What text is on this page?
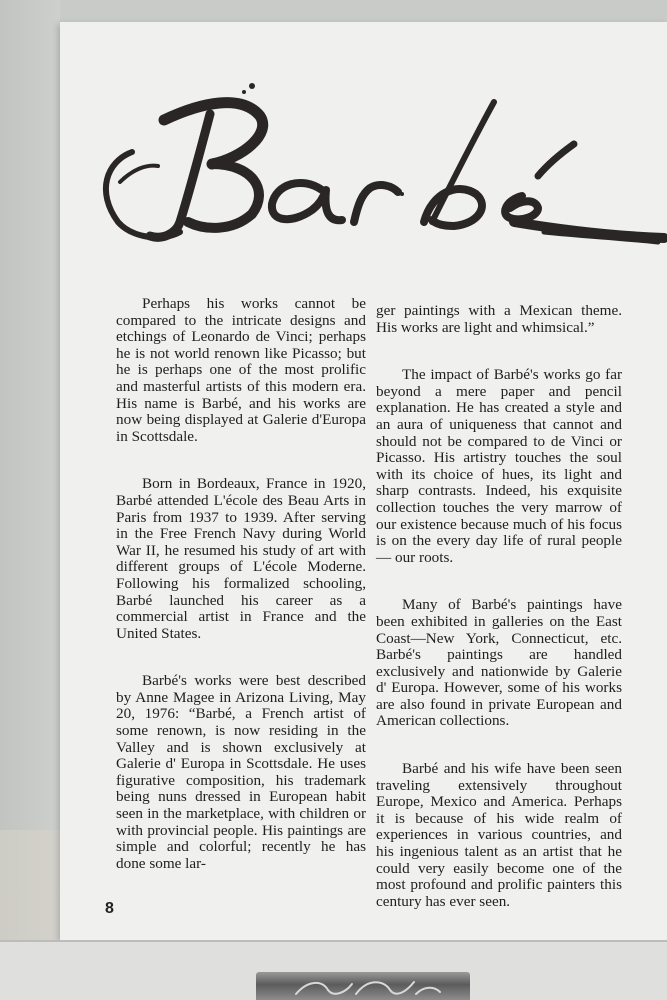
Perhaps his works cannot be compared to the intricate designs and etchings of Leonardo de Vinci; perhaps he is not world renown like Picasso; but he is perhaps one of the most prolific and masterful artists of this modern era. His name is Barbé, and his works are now being displayed at Galerie d'Europa in Scottsdale.

Born in Bordeaux, France in 1920, Barbé attended L'école des Beau Arts in Paris from 1937 to 1939. After serving in the Free French Navy during World War II, he resumed his study of art with different groups of L'école Moderne. Following his formalized schooling, Barbé launched his career as a commercial artist in France and the United States.

Barbé's works were best described by Anne Magee in Arizona Living, May 20, 1976: “Barbé, a French artist of some renown, is now residing in the Valley and is shown exclusively at Galerie d' Europa in Scottsdale. He uses figurative composition, his trademark being nuns dressed in European habit seen in the marketplace, with children or with provincial people. His paintings are simple and colorful; recently he has done some lar-

ger paintings with a Mexican theme. His works are light and whimsical.”

The impact of Barbé's works go far beyond a mere paper and pencil explanation. He has created a style and an aura of uniqueness that cannot and should not be compared to de Vinci or Picasso. His artistry touches the soul with its choice of hues, its light and sharp contrasts. Indeed, his exquisite collection touches the very marrow of our existence because much of his focus is on the every day life of rural people — our roots.

Many of Barbé's paintings have been exhibited in galleries on the East Coast—New York, Connecticut, etc. Barbé's paintings are handled exclusively and nationwide by Galerie d' Europa. However, some of his works are also found in private European and American collections.

Barbé and his wife have been seen traveling extensively throughout Europe, Mexico and America. Perhaps it is because of his wide realm of experiences in various countries, and his ingenious talent as an artist that he could very easily become one of the most profound and prolific painters this century has ever seen.

8
